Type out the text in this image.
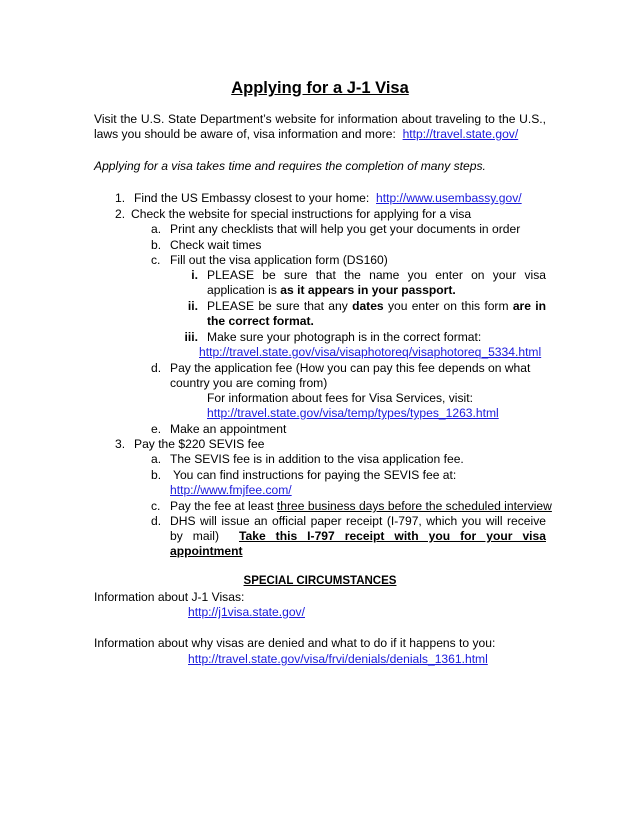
Applying for a J-1 Visa
Visit the U.S. State Department’s website for information about traveling to the U.S., laws you should be aware of, visa information and more: http://travel.state.gov/
Applying for a visa takes time and requires the completion of many steps.
1. Find the US Embassy closest to your home: http://www.usembassy.gov/
2. Check the website for special instructions for applying for a visa
a. Print any checklists that will help you get your documents in order
b. Check wait times
c. Fill out the visa application form (DS160)
i. PLEASE be sure that the name you enter on your visa application is as it appears in your passport.
ii. PLEASE be sure that any dates you enter on this form are in the correct format.
iii. Make sure your photograph is in the correct format:
http://travel.state.gov/visa/visaphotoreq/visaphotoreq_5334.html
d. Pay the application fee (How you can pay this fee depends on what country you are coming from)
For information about fees for Visa Services, visit:
http://travel.state.gov/visa/temp/types/types_1263.html
e. Make an appointment
3. Pay the $220 SEVIS fee
a. The SEVIS fee is in addition to the visa application fee.
b. You can find instructions for paying the SEVIS fee at:
http://www.fmjfee.com/
c. Pay the fee at least three business days before the scheduled interview
d. DHS will issue an official paper receipt (I-797, which you will receive by mail) Take this I-797 receipt with you for your visa appointment
SPECIAL CIRCUMSTANCES
Information about J-1 Visas:
http://j1visa.state.gov/
Information about why visas are denied and what to do if it happens to you:
http://travel.state.gov/visa/frvi/denials/denials_1361.html
